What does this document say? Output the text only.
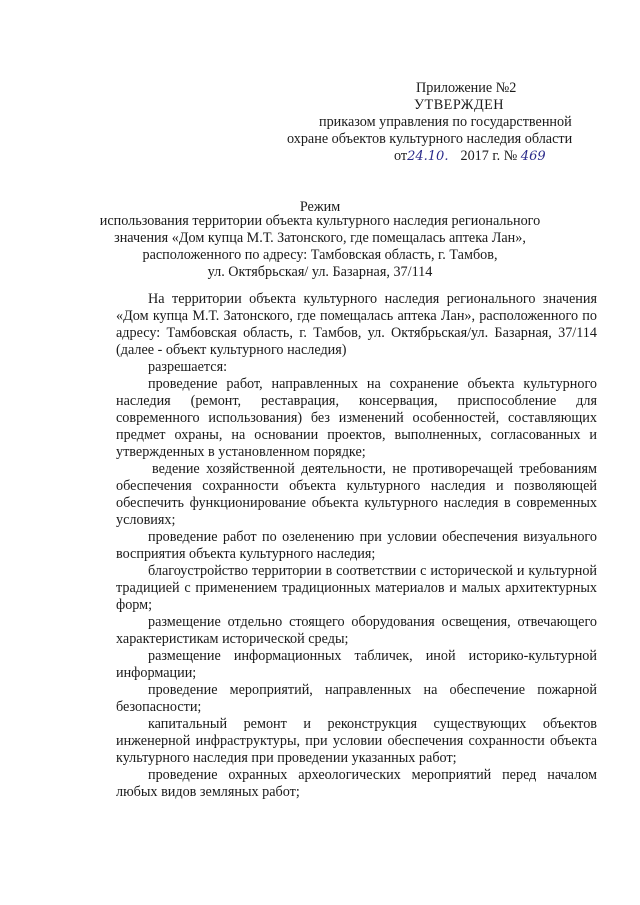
Приложение №2
УТВЕРЖДЕН
приказом управления по государственной
охране объектов культурного наследия области
от24.10. 2017 г. № 469
Режим
использования территории объекта культурного наследия регионального
значения «Дом купца М.Т. Затонского, где помещалась аптека Лан»,
расположенного по адресу: Тамбовская область, г. Тамбов,
ул. Октябрьская/ ул. Базарная, 37/114

На территории объекта культурного наследия регионального значения «Дом купца М.Т. Затонского, где помещалась аптека Лан», расположенного по адресу: Тамбовская область, г. Тамбов, ул. Октябрьская/ул. Базарная, 37/114 (далее - объект культурного наследия)

разрешается:

проведение работ, направленных на сохранение объекта культурного наследия (ремонт, реставрация, консервация, приспособление для современного использования) без изменений особенностей, составляющих предмет охраны, на основании проектов, выполненных, согласованных и утвержденных в установленном порядке;

ведение хозяйственной деятельности, не противоречащей требованиям обеспечения сохранности объекта культурного наследия и позволяющей обеспечить функционирование объекта культурного наследия в современных условиях;

проведение работ по озеленению при условии обеспечения визуального восприятия объекта культурного наследия;

благоустройство территории в соответствии с исторической и культурной традицией с применением традиционных материалов и малых архитектурных форм;

размещение отдельно стоящего оборудования освещения, отвечающего характеристикам исторической среды;

размещение информационных табличек, иной историко-культурной информации;

проведение мероприятий, направленных на обеспечение пожарной безопасности;

капитальный ремонт и реконструкция существующих объектов инженерной инфраструктуры, при условии обеспечения сохранности объекта культурного наследия при проведении указанных работ;

проведение охранных археологических мероприятий перед началом любых видов земляных работ;
